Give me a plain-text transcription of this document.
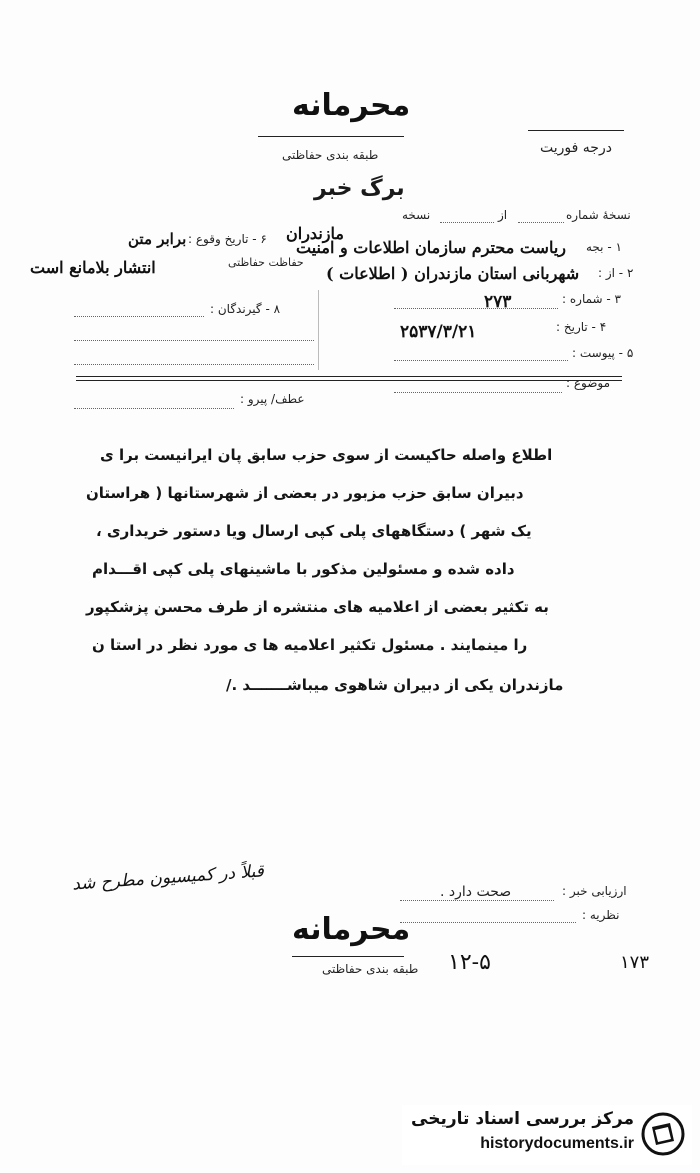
محرمانه
طبقه بندی حفاظتی	درجه فوریت
برگ خبر
نسخهٔ شماره
از
نسخه
۱ - بجه
ریاست محترم سازمان اطلاعات و امنیت
مازندران
۶ - تاریخ وقوع :
برابر متن
۲ - از :
شهربانی استان مازندران ( اطلاعات )
حفاظت حفاظتی
انتشار بلامانع است
۳ - شماره :
۲۷۳
۸ - گیرندگان :
۴ - تاریخ :
۲۵۳۷/۳/۲۱
۵ - پیوست :
موضوع :
عطف/ پیرو :
اطلاع واصله حاکیست از سوی حزب سابق پان ایرانیست برا ی
دبیران سابق حزب مزبور در بعضی از شهرستانها ( هراستان
یک شهر ) دستگاههای پلی کپی ارسال ویا دستور خریداری ،
داده شده و مسئولین مذکور با ماشینهای پلی کپی اقـــدام
به تکثیر بعضی از اعلامیه های منتشره از طرف محسن پزشکپور
را مینمایند . مسئول تکثیر اعلامیه ها ی مورد نظر در استا ن
مازندران یکی از دبیران شاهوی میباشـــــــد ./
قبلاً در کمیسیون مطرح شد	ارزیابی خبر :
صحت دارد .
نظریه :
محرمانه
طبقه بندی حفاظتی ۱۲-۵	۱۷۳
مرکز بررسی اسناد تاریخی
historydocuments.ir
